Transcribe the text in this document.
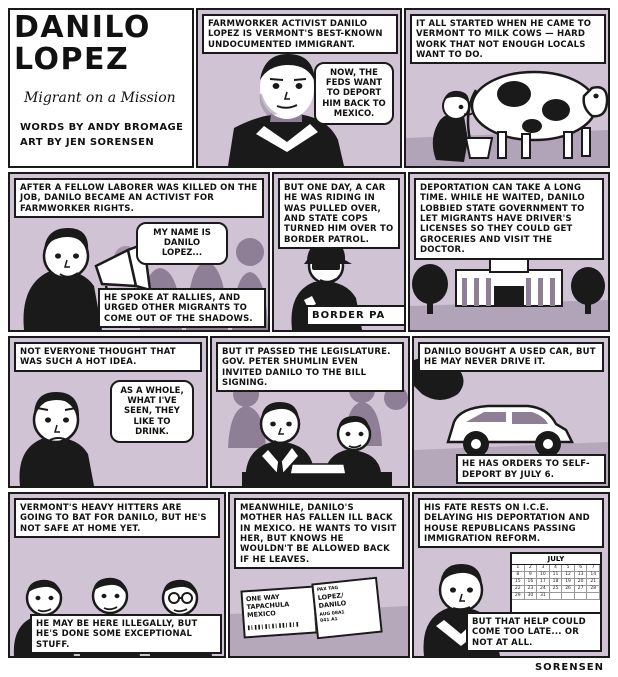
DANILO
LOPEZ
Migrant on a Mission
WORDS BY ANDY BROMAGE
ART BY JEN SORENSEN
FARMWORKER ACTIVIST DANILO LOPEZ IS VERMONT'S BEST-KNOWN UNDOCUMENTED IMMIGRANT.
NOW, THE FEDS WANT TO DEPORT HIM BACK TO MEXICO.
IT ALL STARTED WHEN HE CAME TO VERMONT TO MILK COWS — HARD WORK THAT NOT ENOUGH LOCALS WANT TO DO.
AFTER A FELLOW LABORER WAS KILLED ON THE JOB, DANILO BECAME AN ACTIVIST FOR FARMWORKER RIGHTS.
MY NAME IS DANILO LOPEZ...
HE SPOKE AT RALLIES, AND URGED OTHER MIGRANTS TO COME OUT OF THE SHADOWS.
BUT ONE DAY, A CAR HE WAS RIDING IN WAS PULLED OVER, AND STATE COPS TURNED HIM OVER TO BORDER PATROL.
BORDER PA
DEPORTATION CAN TAKE A LONG TIME. WHILE HE WAITED, DANILO LOBBIED STATE GOVERNMENT TO LET MIGRANTS HAVE DRIVER'S LICENSES SO THEY COULD GET GROCERIES AND VISIT THE DOCTOR.
NOT EVERYONE THOUGHT THAT WAS SUCH A HOT IDEA.
AS A WHOLE, WHAT I'VE SEEN, THEY LIKE TO DRINK.
BUT IT PASSED THE LEGISLATURE. GOV. PETER SHUMLIN EVEN INVITED DANILO TO THE BILL SIGNING.
DANILO BOUGHT A USED CAR, BUT HE MAY NEVER DRIVE IT.
HE HAS ORDERS TO SELF-DEPORT BY JULY 6.
VERMONT'S HEAVY HITTERS ARE GOING TO BAT FOR DANILO, BUT HE'S NOT SAFE AT HOME YET.
HE MAY BE HERE ILLEGALLY, BUT HE'S DONE SOME EXCEPTIONAL STUFF.
MEANWHILE, DANILO'S MOTHER HAS FALLEN ILL BACK IN MEXICO. HE WANTS TO VISIT HER, BUT KNOWS HE WOULDN'T BE ALLOWED BACK IF HE LEAVES.
ONE WAY
TAPACHULA
MEXICO
▌▎▌▌▎▌▎▌▎▌▌▎▌▎▌
PAX TAG
LOPEZ/
DANILO
AUG 08A1
041 A1
JULY
1	2	3	4	5	6	7
8	9	10	11	12	13	14
15	16	17	18	19	20	21
22	23	24	25	26	27	28
29	30	31
HIS FATE RESTS ON I.C.E. DELAYING HIS DEPORTATION AND HOUSE REPUBLICANS PASSING IMMIGRATION REFORM.
BUT THAT HELP COULD COME TOO LATE... OR NOT AT ALL.
SORENSEN
